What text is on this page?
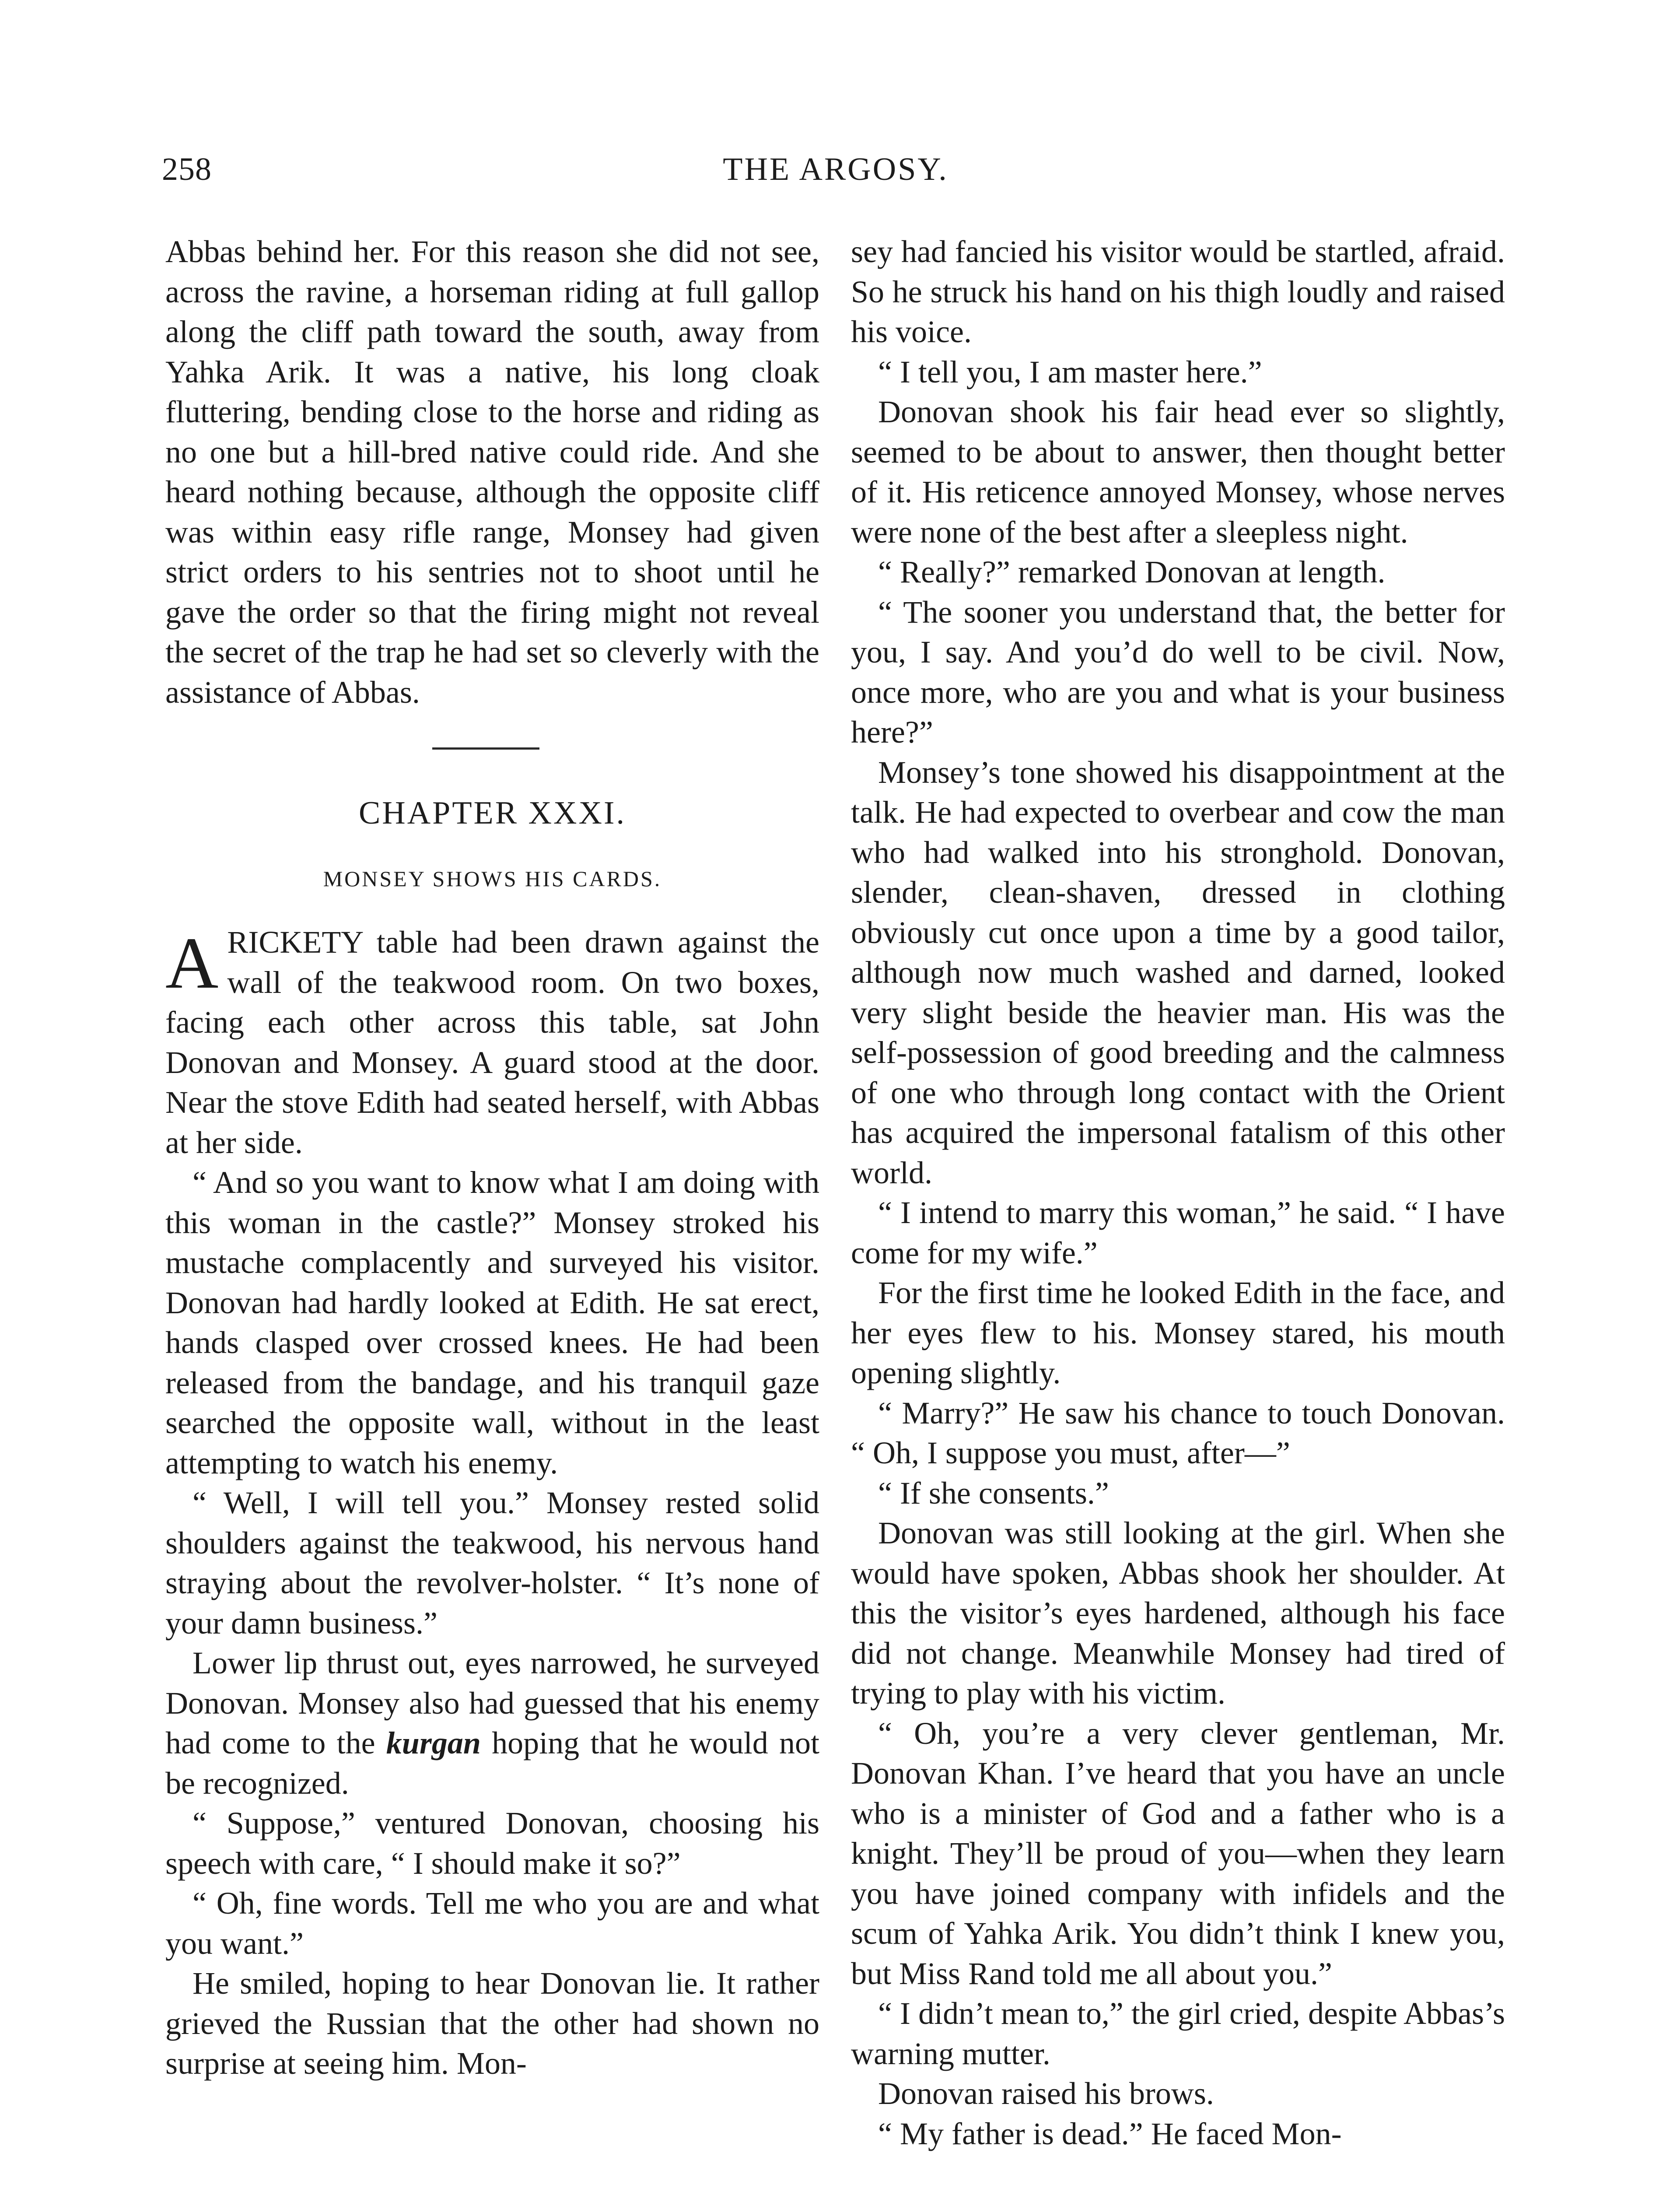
258	THE ARGOSY.

Abbas behind her. For this reason she did not see, across the ravine, a horseman riding at full gallop along the cliff path toward the south, away from Yahka Arik. It was a native, his long cloak fluttering, bending close to the horse and riding as no one but a hill-bred native could ride. And she heard nothing because, although the opposite cliff was within easy rifle range, Monsey had given strict orders to his sentries not to shoot until he gave the order so that the firing might not reveal the secret of the trap he had set so cleverly with the assistance of Abbas.

CHAPTER XXXI.
MONSEY SHOWS HIS CARDS.

ARICKETY table had been drawn against the wall of the teakwood room. On two boxes, facing each other across this table, sat John Donovan and Monsey. A guard stood at the door. Near the stove Edith had seated herself, with Abbas at her side.

“ And so you want to know what I am doing with this woman in the castle?” Monsey stroked his mustache complacently and surveyed his visitor. Donovan had hardly looked at Edith. He sat erect, hands clasped over crossed knees. He had been released from the bandage, and his tranquil gaze searched the opposite wall, without in the least attempting to watch his enemy.

“ Well, I will tell you.” Monsey rested solid shoulders against the teakwood, his nervous hand straying about the revolver-holster. “ It’s none of your damn business.”

Lower lip thrust out, eyes narrowed, he surveyed Donovan. Monsey also had guessed that his enemy had come to the kurgan hoping that he would not be recognized.

“ Suppose,” ventured Donovan, choosing his speech with care, “ I should make it so?”

“ Oh, fine words. Tell me who you are and what you want.”

He smiled, hoping to hear Donovan lie. It rather grieved the Russian that the other had shown no surprise at seeing him. Mon-

sey had fancied his visitor would be startled, afraid. So he struck his hand on his thigh loudly and raised his voice.

“ I tell you, I am master here.”

Donovan shook his fair head ever so slightly, seemed to be about to answer, then thought better of it. His reticence annoyed Monsey, whose nerves were none of the best after a sleepless night.

“ Really?” remarked Donovan at length.

“ The sooner you understand that, the better for you, I say. And you’d do well to be civil. Now, once more, who are you and what is your business here?”

Monsey’s tone showed his disappointment at the talk. He had expected to overbear and cow the man who had walked into his stronghold. Donovan, slender, clean-shaven, dressed in clothing obviously cut once upon a time by a good tailor, although now much washed and darned, looked very slight beside the heavier man. His was the self-possession of good breeding and the calmness of one who through long contact with the Orient has acquired the impersonal fatalism of this other world.

“ I intend to marry this woman,” he said. “ I have come for my wife.”

For the first time he looked Edith in the face, and her eyes flew to his. Monsey stared, his mouth opening slightly.

“ Marry?” He saw his chance to touch Donovan. “ Oh, I suppose you must, after—”

“ If she consents.”

Donovan was still looking at the girl. When she would have spoken, Abbas shook her shoulder. At this the visitor’s eyes hardened, although his face did not change. Meanwhile Monsey had tired of trying to play with his victim.

“ Oh, you’re a very clever gentleman, Mr. Donovan Khan. I’ve heard that you have an uncle who is a minister of God and a father who is a knight. They’ll be proud of you—when they learn you have joined company with infidels and the scum of Yahka Arik. You didn’t think I knew you, but Miss Rand told me all about you.”

“ I didn’t mean to,” the girl cried, despite Abbas’s warning mutter.

Donovan raised his brows.

“ My father is dead.” He faced Mon-
